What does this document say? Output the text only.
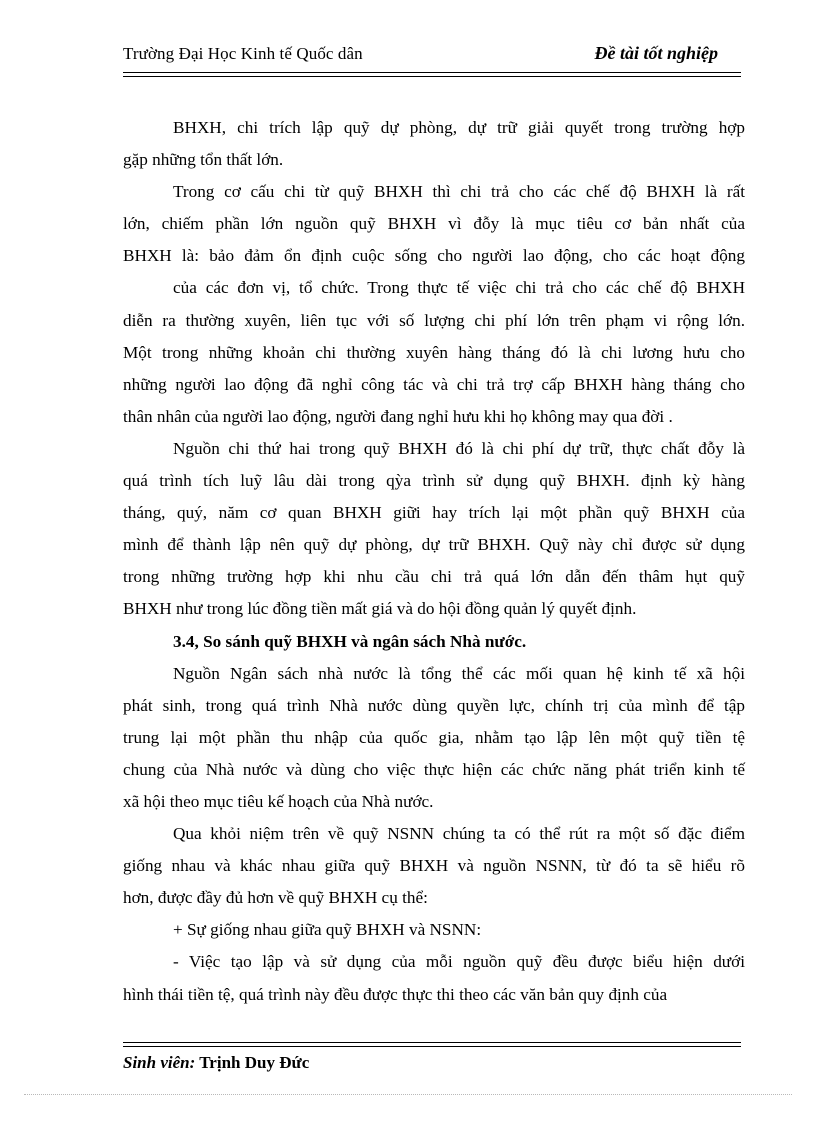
Trường Đại Học Kinh tế Quốc dân	Đề tài tốt nghiệp
BHXH, chi trích lập quỹ dự phòng, dự trữ giải quyết trong trường hợp
gặp những tổn thất lớn.
Trong cơ cấu chi từ quỹ BHXH thì chi trả cho các chế độ BHXH là rất
lớn, chiếm phần lớn nguồn quỹ BHXH vì đỗy là mục tiêu cơ bản nhất của
BHXH là: bảo đảm ổn định cuộc sống cho người lao động, cho các hoạt động
của các đơn vị, tổ chức. Trong thực tế việc chi trả cho các chế độ BHXH
diễn ra thường xuyên, liên tục với số lượng chi phí lớn trên phạm vi rộng lớn.
Một trong những khoản chi thường xuyên hàng tháng đó là chi lương hưu cho
những người lao động đã nghỉ công tác và chi trả trợ cấp BHXH hàng tháng cho
thân nhân của người lao động, người đang nghỉ hưu khi họ không may qua đời .
Nguồn chi thứ hai trong quỹ BHXH đó là chi phí dự trữ, thực chất đỗy là
quá trình tích luỹ lâu dài trong qỳa trình sử dụng quỹ BHXH. định kỳ hàng
tháng, quý, năm cơ quan BHXH giữi hay trích lại một phần quỹ BHXH của
mình để thành lập nên quỹ dự phòng, dự trữ BHXH. Quỹ này chỉ được sử dụng
trong những trường hợp khi nhu cầu chi trả quá lớn dẫn đến thâm hụt quỹ
BHXH như trong lúc đồng tiền mất giá và do hội đồng quản lý quyết định.
3.4, So sánh quỹ BHXH và ngân sách Nhà nước.
Nguồn Ngân sách nhà nước là tổng thể các mối quan hệ kinh tế xã hội
phát sinh, trong quá trình Nhà nước dùng quyền lực, chính trị của mình để tập
trung lại một phần thu nhập của quốc gia, nhằm tạo lập lên một quỹ tiền tệ
chung của Nhà nước và dùng cho việc thực hiện các chức năng phát triển kinh tế
xã hội theo mục tiêu kế hoạch của Nhà nước.
Qua khỏi niệm trên về quỹ NSNN chúng ta có thể rút ra một số đặc điểm
giống nhau và khác nhau giữa quỹ BHXH và nguồn NSNN, từ đó ta sẽ hiểu rõ
hơn, được đầy đủ hơn về quỹ BHXH cụ thể:
+ Sự giống nhau giữa quỹ BHXH và NSNN:
- Việc tạo lập và sử dụng của mỗi nguồn quỹ đều được biểu hiện dưới
hình thái tiền tệ, quá trình này đều được thực thi theo các văn bản quy định của
Sinh viên: Trịnh Duy Đức
